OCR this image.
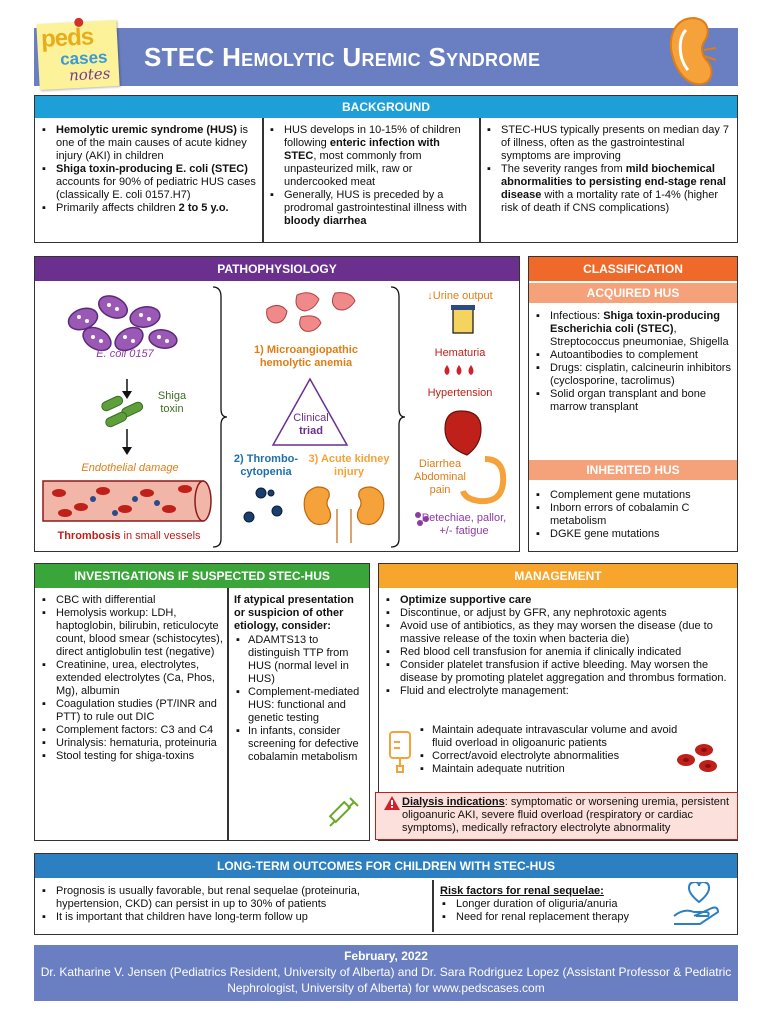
STEC Hemolytic Uremic Syndrome
peds
cases
notes
BACKGROUND
▪ Hemolytic uremic syndrome (HUS) is one of the main causes of acute kidney injury (AKI) in children
▪ Shiga toxin-producing E. coli (STEC) accounts for 90% of pediatric HUS cases (classically E. coli 0157.H7)
▪ Primarily affects children 2 to 5 y.o.
▪ HUS develops in 10-15% of children following enteric infection with STEC, most commonly from unpasteurized milk, raw or undercooked meat
▪ Generally, HUS is preceded by a prodromal gastrointestinal illness with bloody diarrhea
▪ STEC-HUS typically presents on median day 7 of illness, often as the gastrointestinal symptoms are improving
▪ The severity ranges from mild biochemical abnormalities to persisting end-stage renal disease with a mortality rate of 1-4% (higher risk of death if CNS complications)
PATHOPHYSIOLOGY
E. coli 0157
Shiga toxin
Endothelial damage
Thrombosis in small vessels
1) Microangiopathic hemolytic anemia
Clinical
triad
2) Thrombo-cytopenia
3) Acute kidney injury
↓Urine output
Hematuria
Hypertension
Diarrhea Abdominal pain
Petechiae, pallor, +/- fatigue
CLASSIFICATION
ACQUIRED HUS
▪ Infectious: Shiga toxin-producing Escherichia coli (STEC), Streptococcus pneumoniae, Shigella
▪ Autoantibodies to complement
▪ Drugs: cisplatin, calcineurin inhibitors (cyclosporine, tacrolimus)
▪ Solid organ transplant and bone marrow transplant
INHERITED HUS
▪ Complement gene mutations
▪ Inborn errors of cobalamin C metabolism
▪ DGKE gene mutations
INVESTIGATIONS IF SUSPECTED STEC-HUS
▪ CBC with differential
▪ Hemolysis workup: LDH, haptoglobin, bilirubin, reticulocyte count, blood smear (schistocytes), direct antiglobulin test (negative)
▪ Creatinine, urea, electrolytes, extended electrolytes (Ca, Phos, Mg), albumin
▪ Coagulation studies (PT/INR and PTT) to rule out DIC
▪ Complement factors: C3 and C4
▪ Urinalysis: hematuria, proteinuria
▪ Stool testing for shiga-toxins
If atypical presentation or suspicion of other etiology, consider:
▪ ADAMTS13 to distinguish TTP from HUS (normal level in HUS)
▪ Complement-mediated HUS: functional and genetic testing
▪ In infants, consider screening for defective cobalamin metabolism
MANAGEMENT
▪ Optimize supportive care
▪ Discontinue, or adjust by GFR, any nephrotoxic agents
▪ Avoid use of antibiotics, as they may worsen the disease (due to massive release of the toxin when bacteria die)
▪ Red blood cell transfusion for anemia if clinically indicated
▪ Consider platelet transfusion if active bleeding. May worsen the disease by promoting platelet aggregation and thrombus formation.
▪ Fluid and electrolyte management:
▪ Maintain adequate intravascular volume and avoid fluid overload in oligoanuric patients
▪ Correct/avoid electrolyte abnormalities
▪ Maintain adequate nutrition
Dialysis indications: symptomatic or worsening uremia, persistent oligoanuric AKI, severe fluid overload (respiratory or cardiac symptoms), medically refractory electrolyte abnormality
LONG-TERM OUTCOMES FOR CHILDREN WITH STEC-HUS
▪ Prognosis is usually favorable, but renal sequelae (proteinuria, hypertension, CKD) can persist in up to 30% of patients
▪ It is important that children have long-term follow up
Risk factors for renal sequelae:
▪ Longer duration of oliguria/anuria
▪ Need for renal replacement therapy
February, 2022
Dr. Katharine V. Jensen (Pediatrics Resident, University of Alberta) and Dr. Sara Rodriguez Lopez (Assistant Professor & Pediatric Nephrologist, University of Alberta) for www.pedscases.com
